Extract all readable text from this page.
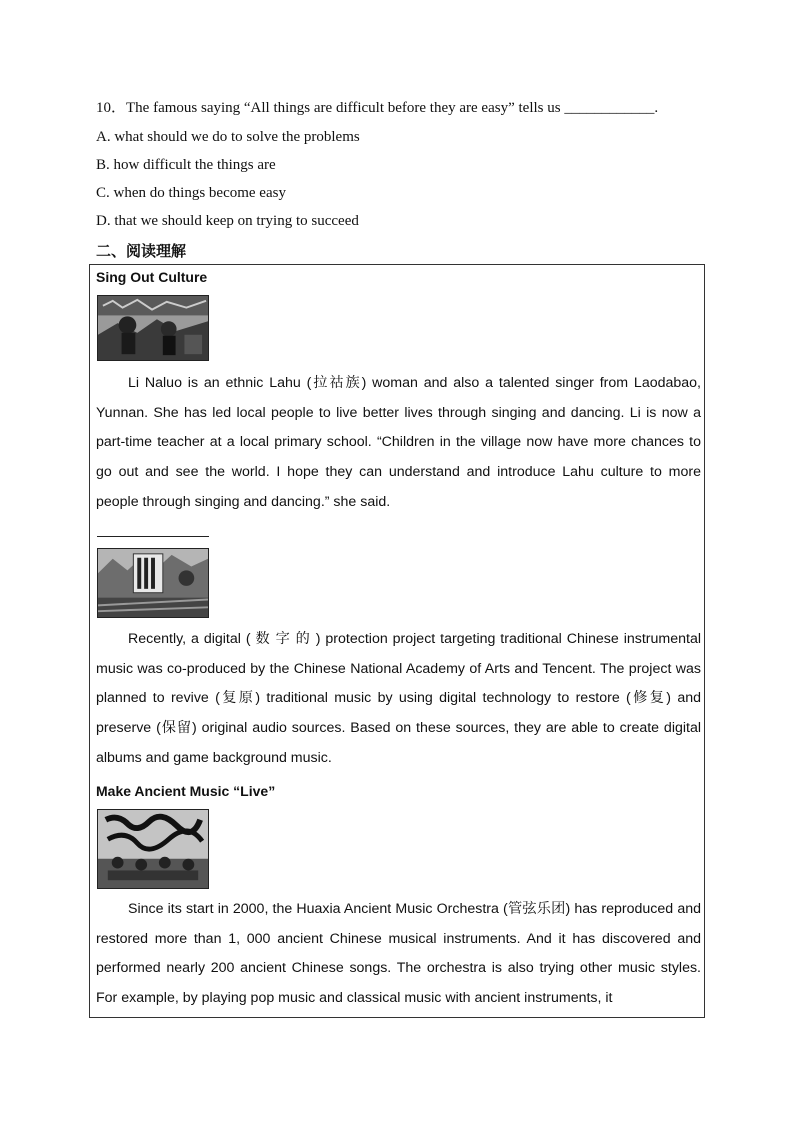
10．The famous saying “All things are difficult before they are easy” tells us ____________.
A. what should we do to solve the problems
B. how difficult the things are
C. when do things become easy
D. that we should keep on trying to succeed
二、阅读理解
Sing Out Culture
Li Naluo is an ethnic Lahu (拉祜族) woman and also a talented singer from Laodabao, Yunnan. She has led local people to live better lives through singing and dancing. Li is now a part-time teacher at a local primary school. “Children in the village now have more chances to go out and see the world. I hope they can understand and introduce Lahu culture to more people through singing and dancing.” she said.
Recently, a digital ( 数 字 的 ) protection project targeting traditional Chinese instrumental music was co-produced by the Chinese National Academy of Arts and Tencent. The project was planned to revive (复原) traditional music by using digital technology to restore (修复) and preserve (保留) original audio sources. Based on these sources, they are able to create digital albums and game background music.
Make Ancient Music “Live”
Since its start in 2000, the Huaxia Ancient Music Orchestra (管弦乐团) has reproduced and restored more than 1, 000 ancient Chinese musical instruments. And it has discovered and performed nearly 200 ancient Chinese songs. The orchestra is also trying other music styles. For example, by playing pop music and classical music with ancient instruments, it
